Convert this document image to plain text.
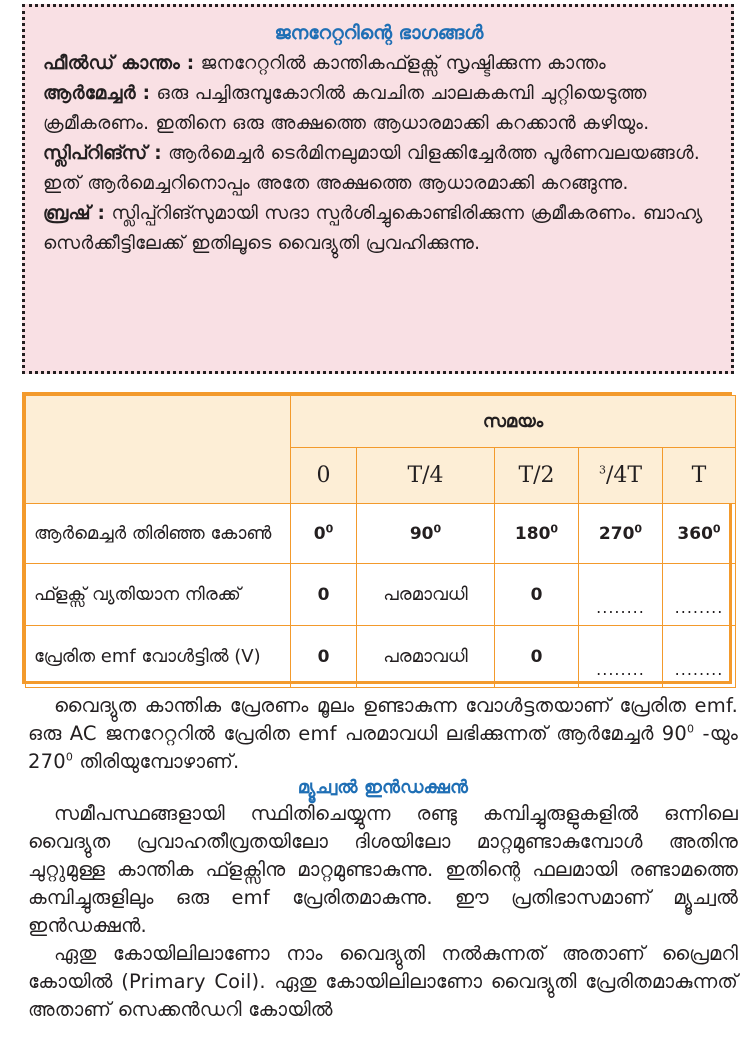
ജനറേറ്ററിന്റെ ഭാഗങ്ങൾ
ഫീൽഡ് കാന്തം : ജനറേറ്ററിൽ കാന്തികഫ്ളക്സ് സൃഷ്ടിക്കുന്ന കാന്തം
ആർമേച്ചർ : ഒരു പച്ചിരുമ്പുകോറിൽ കവചിത ചാലകകമ്പി ചുറ്റിയെടുത്ത ക്രമീകരണം. ഇതിനെ ഒരു അക്ഷത്തെ ആധാരമാക്കി കറക്കാൻ കഴിയും.
സ്ലിപ്റിങ്സ് : ആർമെച്ചർ ടെർമിനലുമായി വിളക്കിച്ചേർത്ത പൂർണവലയങ്ങൾ. ഇത് ആർമെച്ചറിനൊപ്പം അതേ അക്ഷത്തെ ആധാരമാക്കി കറങ്ങുന്നു.
ബ്രഷ് : സ്ലിപ്പ്റിങ്സുമായി സദാ സ്പർശിച്ചുകൊണ്ടിരിക്കുന്ന ക്രമീകരണം. ബാഹ്യ സെർക്കീട്ടിലേക്ക് ഇതിലൂടെ വൈദ്യുതി പ്രവഹിക്കുന്നു.
	സമയം				
	0	T/4	T/2	$^3$/4T	T
ആർമെച്ചർ തിരിഞ്ഞ കോൺ	$0^0$	$90^0$	$180^0$	$270^0$	$360^0$
ഫ്ളക്സ് വ്യതിയാന നിരക്ക്	0	പരമാവധി	0	........	........
പ്രേരിത emf വോൾട്ടിൽ (V)	0	പരമാവധി	0	........	........

വൈദ്യുത കാന്തിക പ്രേരണം മൂലം ഉണ്ടാകുന്ന വോൾട്ടതയാണ് പ്രേരിത emf. ഒരു AC ജനറേറ്ററിൽ പ്രേരിത emf പരമാവധി ലഭിക്കുന്നത് ആർമേച്ചർ $90^0$ -യും $270^0$ തിരിയുമ്പോഴാണ്.

മ്യൂച്വൽ ഇൻഡക്ഷൻ

സമീപസ്ഥങ്ങളായി സ്ഥിതിചെയ്യുന്ന രണ്ടു കമ്പിച്ചുരുളുകളിൽ ഒന്നിലെ വൈദ്യുത പ്രവാഹതീവ്രതയിലോ ദിശയിലോ മാറ്റമുണ്ടാകുമ്പോൾ അതിനു ചുറ്റുമുള്ള കാന്തിക ഫ്ളക്സിനു മാറ്റമുണ്ടാകുന്നു. ഇതിന്റെ ഫലമായി രണ്ടാമത്തെ കമ്പിച്ചുരുളിലും ഒരു emf പ്രേരിതമാകുന്നു. ഈ പ്രതിഭാസമാണ് മ്യൂച്വൽ ഇൻഡക്ഷൻ.

ഏതു കോയിലിലാണോ നാം വൈദ്യുതി നൽകുന്നത് അതാണ് പ്രൈമറി കോയിൽ (Primary Coil). ഏതു കോയിലിലാണോ വൈദ്യുതി പ്രേരിതമാകുന്നത് അതാണ് സെക്കൻഡറി കോയിൽ
